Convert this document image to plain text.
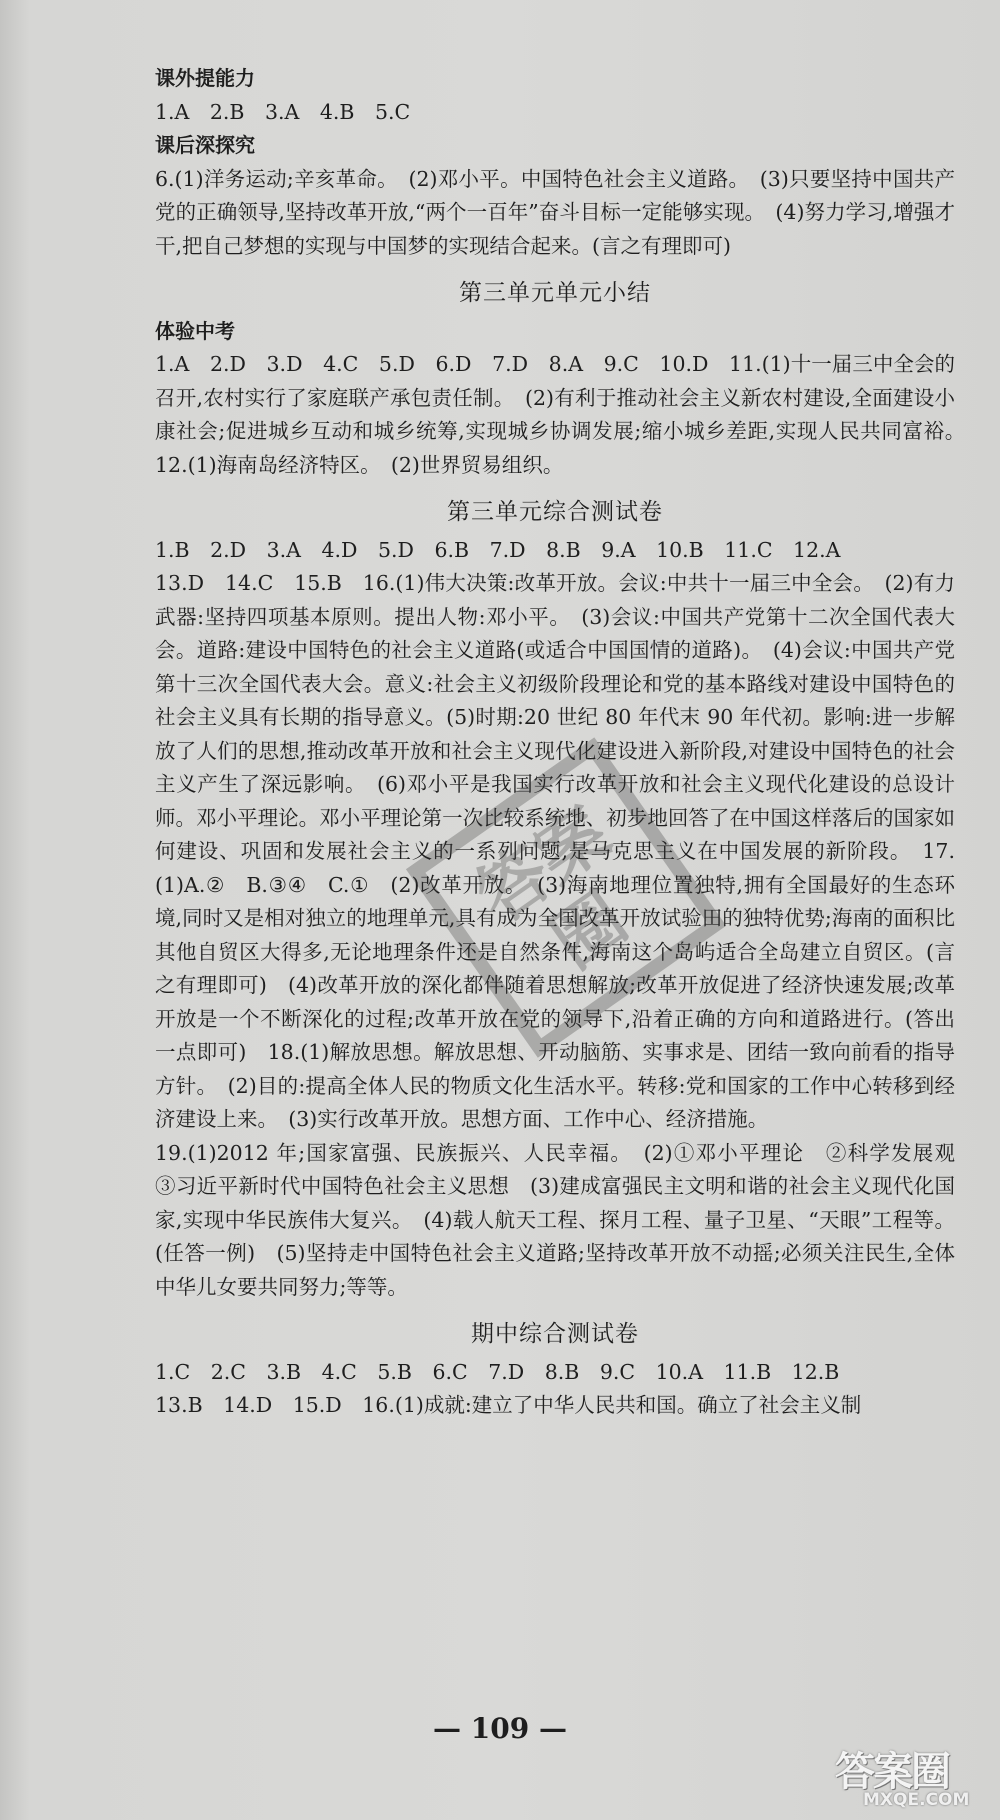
课外提能力

1.A　2.B　3.A　4.B　5.C

课后深探究

6.(1)洋务运动;辛亥革命。　(2)邓小平。中国特色社会主义道路。　(3)只要坚持中国共产党的正确领导,坚持改革开放,“两个一百年”奋斗目标一定能够实现。　(4)努力学习,增强才干,把自己梦想的实现与中国梦的实现结合起来。(言之有理即可)

第三单元单元小结

体验中考

1.A　2.D　3.D　4.C　5.D　6.D　7.D　8.A　9.C　10.D　11.(1)十一届三中全会的召开,农村实行了家庭联产承包责任制。　(2)有利于推动社会主义新农村建设,全面建设小康社会;促进城乡互动和城乡统筹,实现城乡协调发展;缩小城乡差距,实现人民共同富裕。　12.(1)海南岛经济特区。　(2)世界贸易组织。

第三单元综合测试卷

1.B　2.D　3.A　4.D　5.D　6.B　7.D　8.B　9.A　10.B　11.C　12.A

13.D　14.C　15.B　16.(1)伟大决策:改革开放。会议:中共十一届三中全会。　(2)有力武器:坚持四项基本原则。提出人物:邓小平。　(3)会议:中国共产党第十二次全国代表大会。道路:建设中国特色的社会主义道路(或适合中国国情的道路)。　(4)会议:中国共产党第十三次全国代表大会。意义:社会主义初级阶段理论和党的基本路线对建设中国特色的社会主义具有长期的指导意义。(5)时期:20 世纪 80 年代末 90 年代初。影响:进一步解放了人们的思想,推动改革开放和社会主义现代化建设进入新阶段,对建设中国特色的社会主义产生了深远影响。　(6)邓小平是我国实行改革开放和社会主义现代化建设的总设计师。邓小平理论。邓小平理论第一次比较系统地、初步地回答了在中国这样落后的国家如何建设、巩固和发展社会主义的一系列问题,是马克思主义在中国发展的新阶段。　17.(1)A.②　B.③④　C.①　(2)改革开放。　(3)海南地理位置独特,拥有全国最好的生态环境,同时又是相对独立的地理单元,具有成为全国改革开放试验田的独特优势;海南的面积比其他自贸区大得多,无论地理条件还是自然条件,海南这个岛屿适合全岛建立自贸区。(言之有理即可)　(4)改革开放的深化都伴随着思想解放;改革开放促进了经济快速发展;改革开放是一个不断深化的过程;改革开放在党的领导下,沿着正确的方向和道路进行。(答出一点即可)　18.(1)解放思想。解放思想、开动脑筋、实事求是、团结一致向前看的指导方针。　(2)目的:提高全体人民的物质文化生活水平。转移:党和国家的工作中心转移到经济建设上来。　(3)实行改革开放。思想方面、工作中心、经济措施。

19.(1)2012 年;国家富强、民族振兴、人民幸福。　(2)①邓小平理论　②科学发展观　③习近平新时代中国特色社会主义思想　(3)建成富强民主文明和谐的社会主义现代化国家,实现中华民族伟大复兴。　(4)载人航天工程、探月工程、量子卫星、“天眼”工程等。(任答一例)　(5)坚持走中国特色社会主义道路;坚持改革开放不动摇;必须关注民生,全体中华儿女要共同努力;等等。

期中综合测试卷

1.C　2.C　3.B　4.C　5.B　6.C　7.D　8.B　9.C　10.A　11.B　12.B

13.B　14.D　15.D　16.(1)成就:建立了中华人民共和国。确立了社会主义制

答案圈
— 109 —
答案圈
MXQE.COM
